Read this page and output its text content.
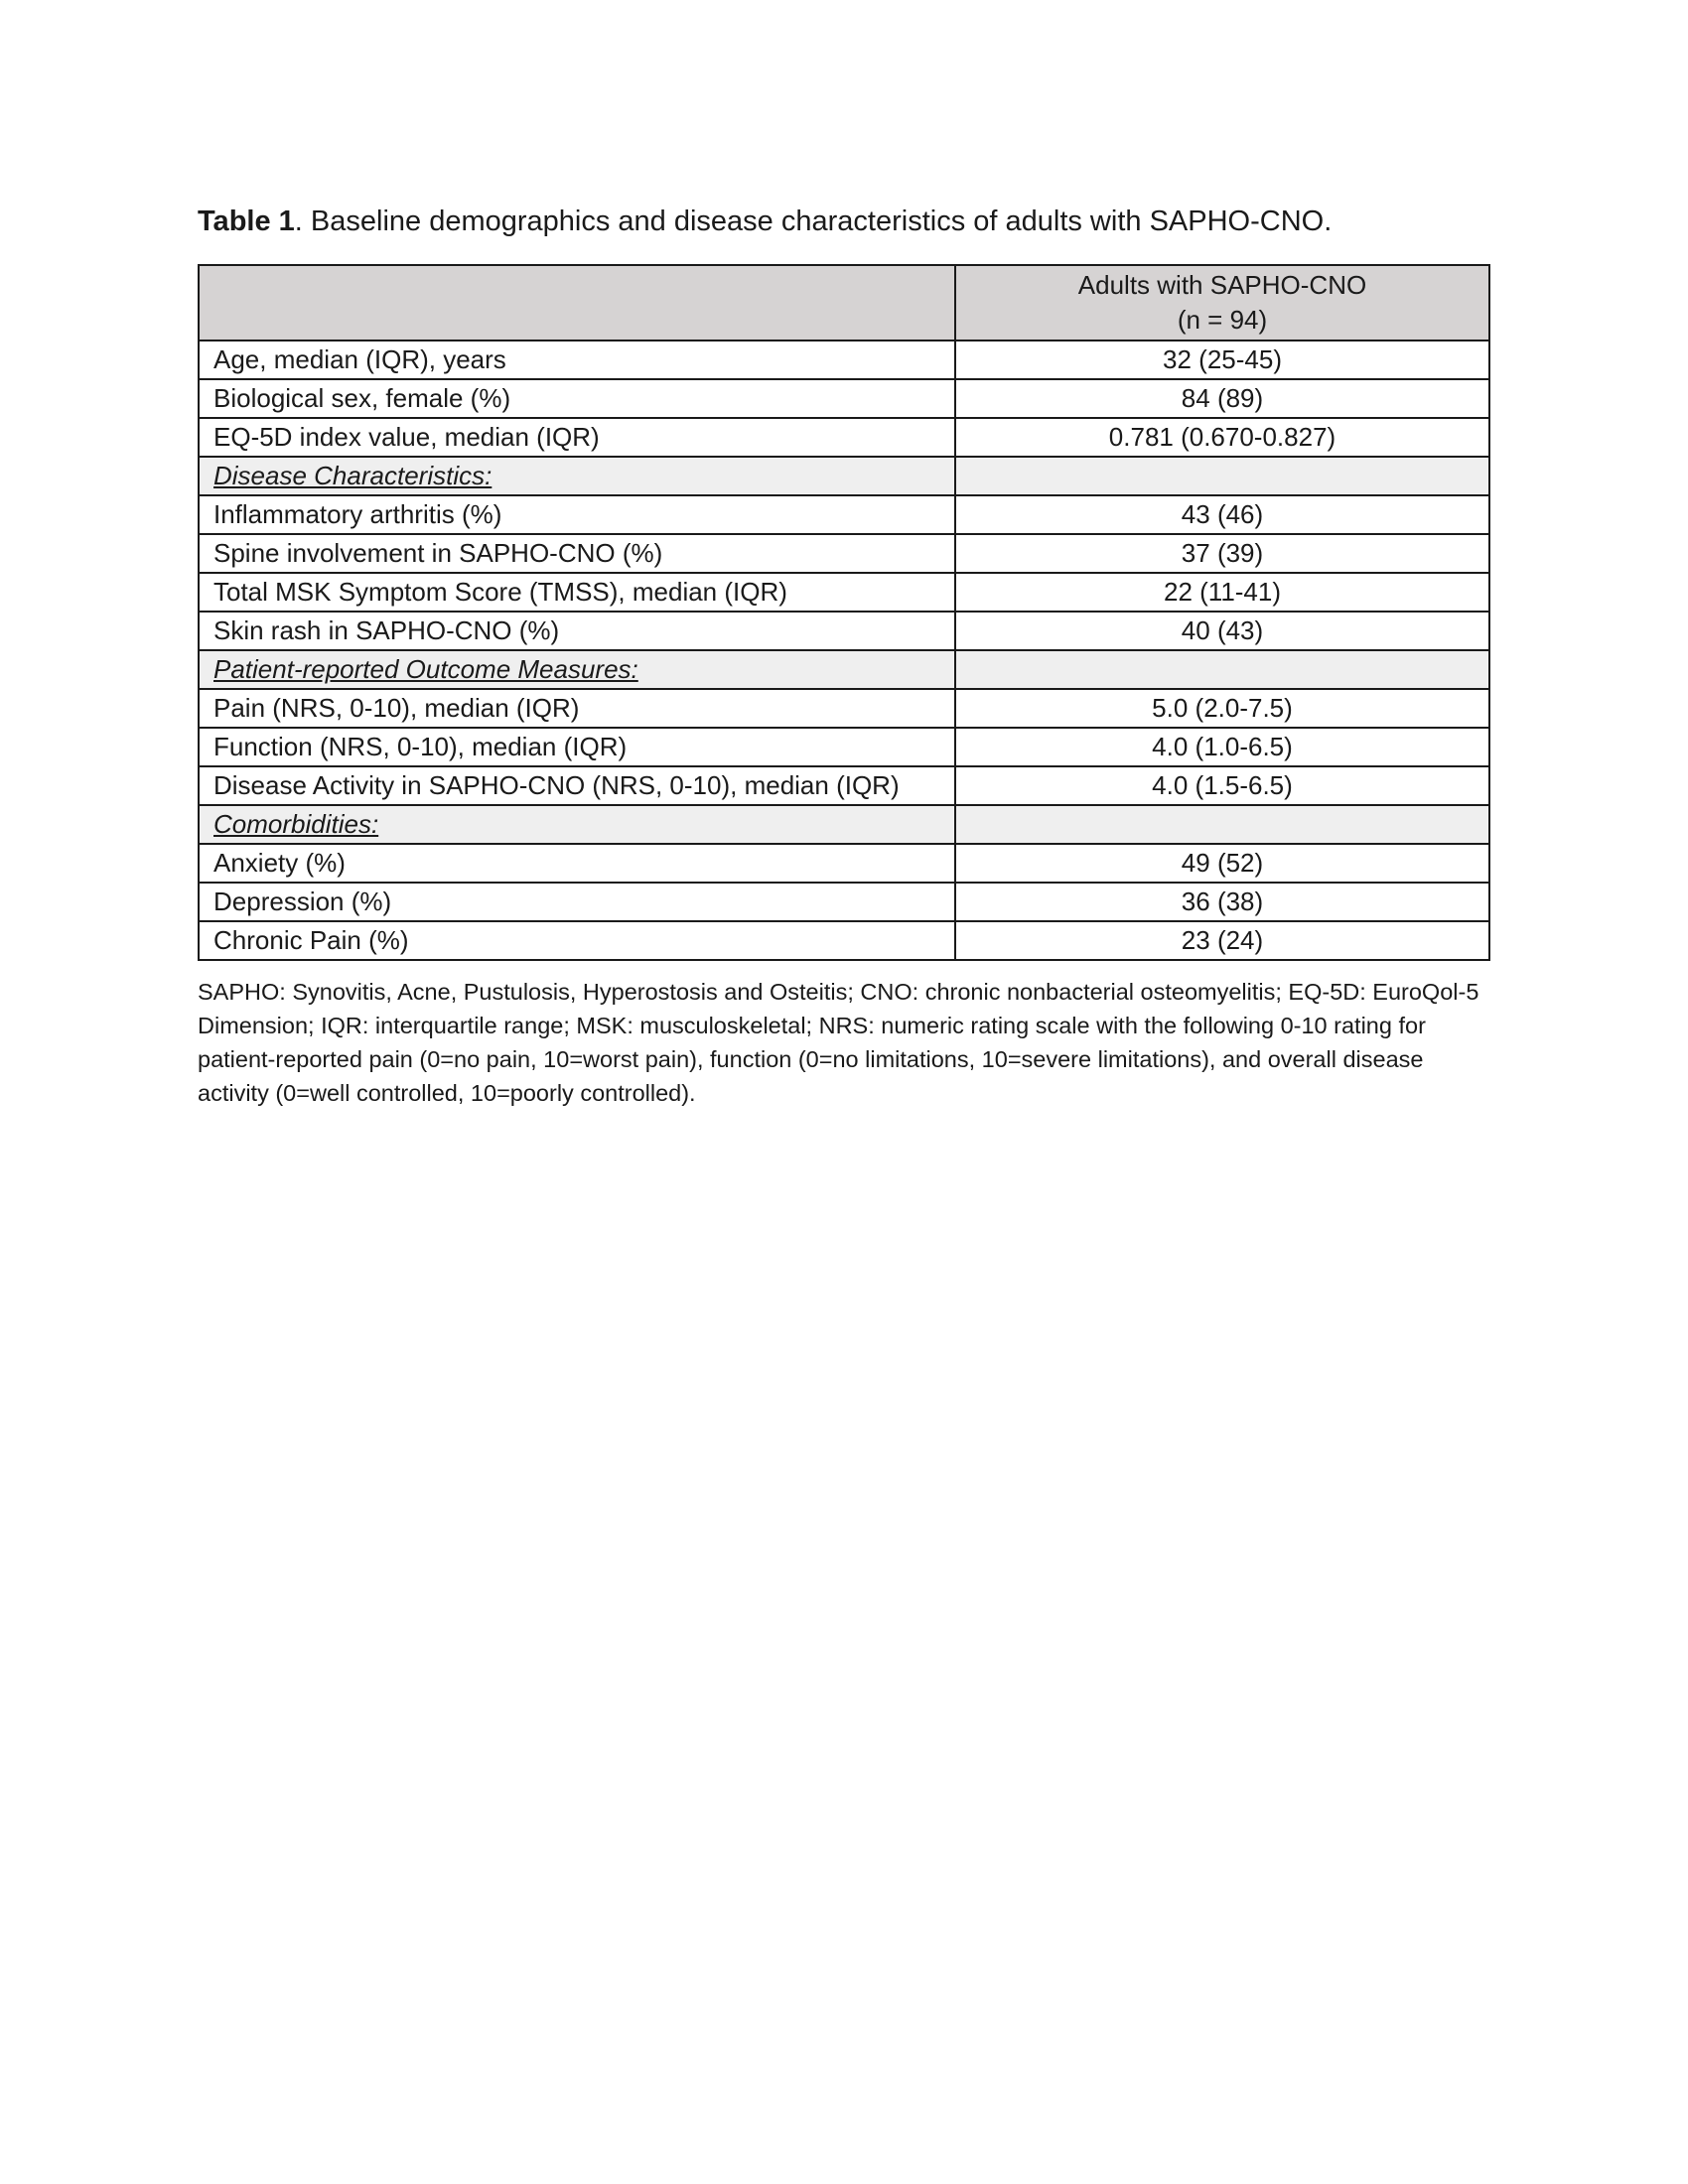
Table 1. Baseline demographics and disease characteristics of adults with SAPHO-CNO.

	Adults with SAPHO-CNO
(n = 94)

Age, median (IQR), years	32 (25-45)
Biological sex, female (%)	84 (89)
EQ-5D index value, median (IQR)	0.781 (0.670-0.827)
Disease Characteristics:	
Inflammatory arthritis (%)	43 (46)
Spine involvement in SAPHO-CNO (%)	37 (39)
Total MSK Symptom Score (TMSS), median (IQR)	22 (11-41)
Skin rash in SAPHO-CNO (%)	40 (43)
Patient-reported Outcome Measures:	
Pain (NRS, 0-10), median (IQR)	5.0 (2.0-7.5)
Function (NRS, 0-10), median (IQR)	4.0 (1.0-6.5)
Disease Activity in SAPHO-CNO (NRS, 0-10), median (IQR)	4.0 (1.5-6.5)
Comorbidities:	
Anxiety (%)	49 (52)
Depression (%)	36 (38)
Chronic Pain (%)	23 (24)
SAPHO: Synovitis, Acne, Pustulosis, Hyperostosis and Osteitis; CNO: chronic nonbacterial osteomyelitis; EQ-5D: EuroQol-5 Dimension; IQR: interquartile range; MSK: musculoskeletal; NRS: numeric rating scale with the following 0-10 rating for patient-reported pain (0=no pain, 10=worst pain), function (0=no limitations, 10=severe limitations), and overall disease activity (0=well controlled, 10=poorly controlled).
